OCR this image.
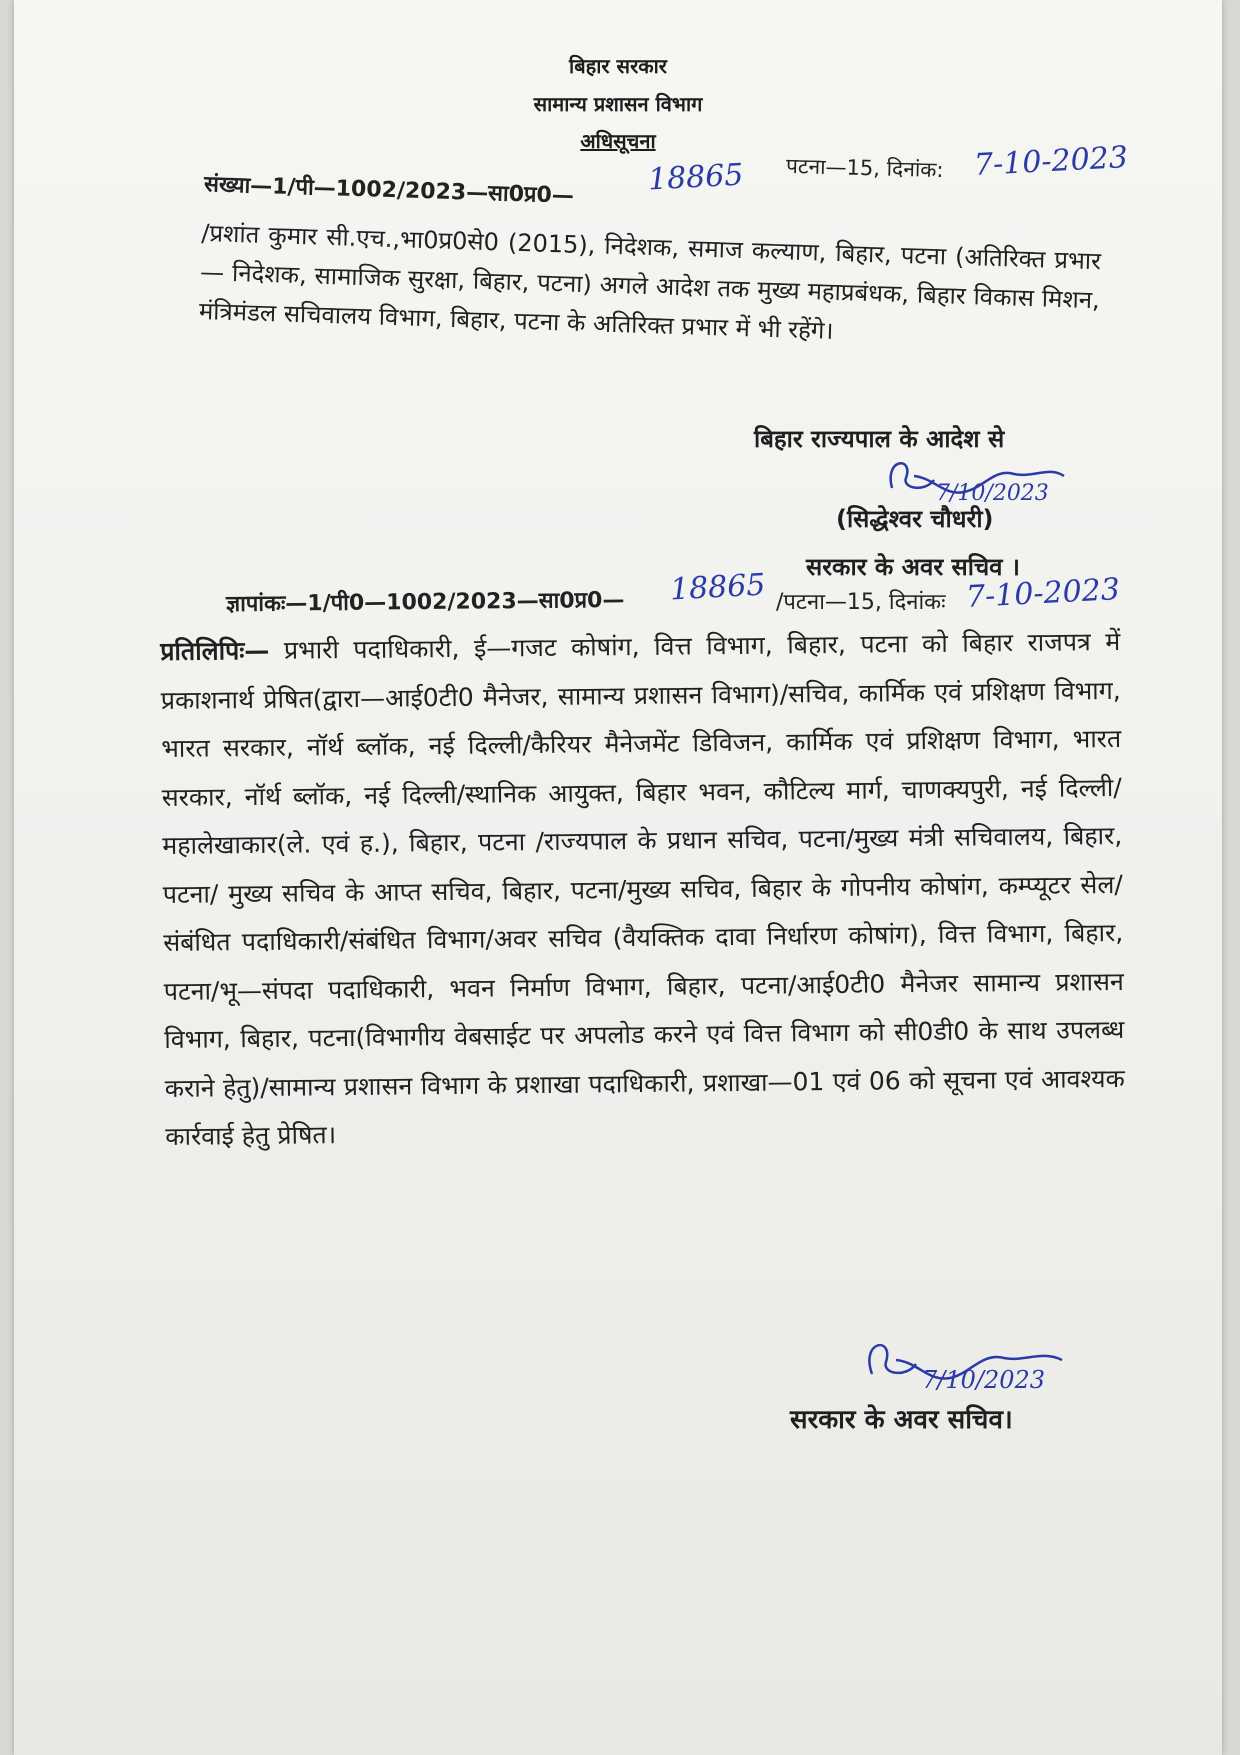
बिहार सरकार
सामान्य प्रशासन विभाग
अधिसूचना
पटना—15, दिनांक: 7-10-2023
संख्या—1/पी—1002/2023—सा0प्र0— 18865
/प्रशांत कुमार सी.एच.,भा0प्र0से0 (2015), निदेशक, समाज कल्याण, बिहार, पटना (अतिरिक्त प्रभार— निदेशक, सामाजिक सुरक्षा, बिहार, पटना) अगले आदेश तक मुख्य महाप्रबंधक, बिहार विकास मिशन, मंत्रिमंडल सचिवालय विभाग, बिहार, पटना के अतिरिक्त प्रभार में भी रहेंगे।
बिहार राज्यपाल के आदेश से
7/10/2023
(सिद्धेश्वर चौधरी)
सरकार के अवर सचिव ।
ज्ञापांकः—1/पी0—1002/2023—सा0प्र0— 18865 /पटना—15, दिनांकः 7-10-2023
प्रतिलिपिः— प्रभारी पदाधिकारी, ई—गजट कोषांग, वित्त विभाग, बिहार, पटना को बिहार राजपत्र में प्रकाशनार्थ प्रेषित(द्वारा—आई0टी0 मैनेजर, सामान्य प्रशासन विभाग)/सचिव, कार्मिक एवं प्रशिक्षण विभाग, भारत सरकार, नॉर्थ ब्लॉक, नई दिल्ली/कैरियर मैनेजमेंट डिविजन, कार्मिक एवं प्रशिक्षण विभाग, भारत सरकार, नॉर्थ ब्लॉक, नई दिल्ली/स्थानिक आयुक्त, बिहार भवन, कौटिल्य मार्ग, चाणक्यपुरी, नई दिल्ली/महालेखाकार(ले. एवं ह.), बिहार, पटना /राज्यपाल के प्रधान सचिव, पटना/मुख्य मंत्री सचिवालय, बिहार, पटना/ मुख्य सचिव के आप्त सचिव, बिहार, पटना/मुख्य सचिव, बिहार के गोपनीय कोषांग, कम्प्यूटर सेल/संबंधित पदाधिकारी/संबंधित विभाग/अवर सचिव (वैयक्तिक दावा निर्धारण कोषांग), वित्त विभाग, बिहार, पटना/भू—संपदा पदाधिकारी, भवन निर्माण विभाग, बिहार, पटना/आई0टी0 मैनेजर सामान्य प्रशासन विभाग, बिहार, पटना(विभागीय वेबसाईट पर अपलोड करने एवं वित्त विभाग को सी0डी0 के साथ उपलब्ध कराने हेतु)/सामान्य प्रशासन विभाग के प्रशाखा पदाधिकारी, प्रशाखा—01 एवं 06 को सूचना एवं आवश्यक कार्रवाई हेतु प्रेषित।
7/10/2023
सरकार के अवर सचिव।
